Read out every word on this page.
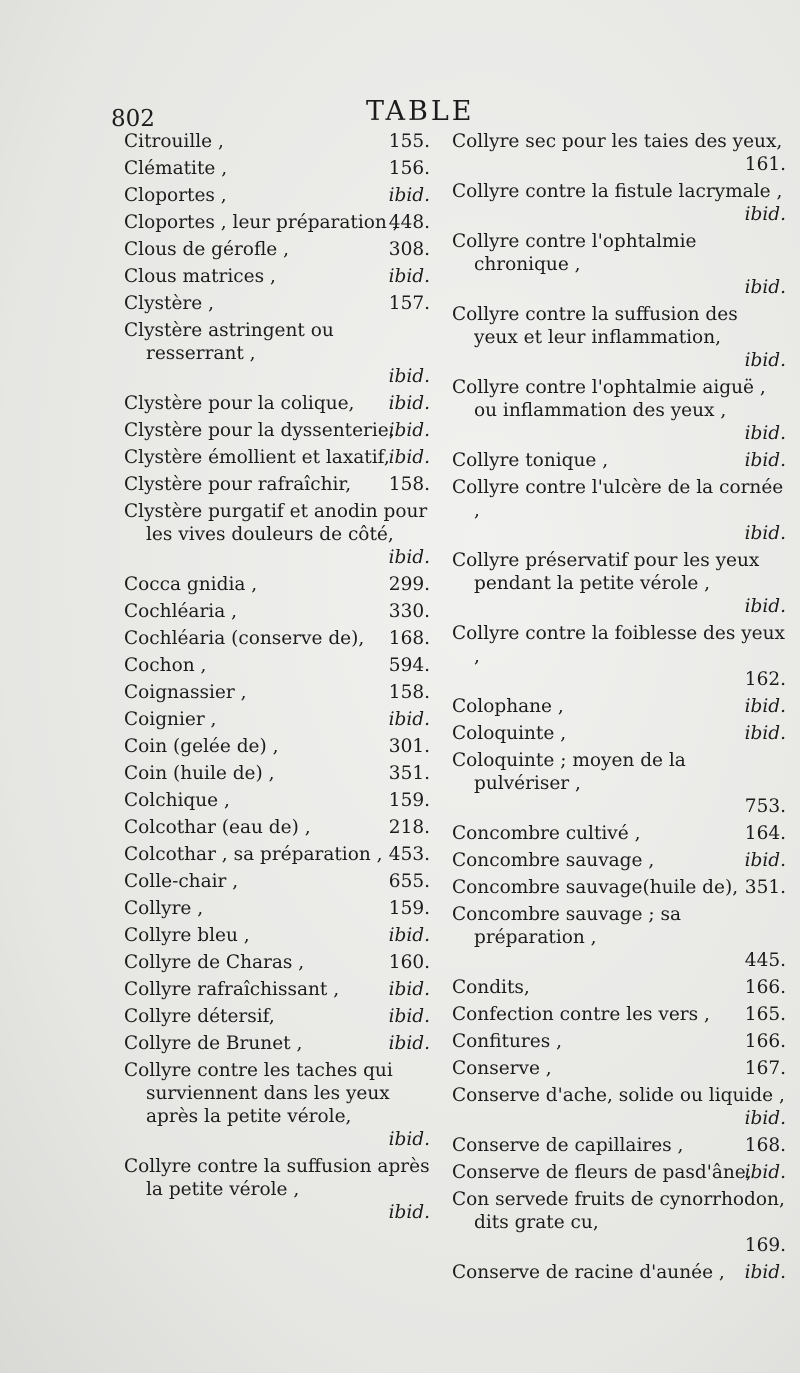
802	TABLE
Citrouille ,	155.
Clématite ,	156.
Cloportes ,	ibid.
Cloportes , leur préparation ,
448.
Clous de gérofle ,	308.
Clous matrices ,	ibid.
Clystère ,	157.
Clystère astringent ou resserrant ,
ibid.
Clystère pour la colique, ibid.
Clystère pour la dyssenterie,
ibid.
Clystère émollient et laxatif,
ibid.
Clystère pour rafraîchir, 158.
Clystère purgatif et anodin pour les vives douleurs de côté,
ibid.
Cocca gnidia ,	299.
Cochléaria ,	330.
Cochléaria (conserve de), 168.
Cochon ,	594.
Coignassier ,	158.
Coignier ,	ibid.
Coin (gelée de) ,	301.
Coin (huile de) ,	351.
Colchique ,	159.
Colcothar (eau de) ,	218.
Colcothar , sa préparation , 453.
Colle-chair ,	655.
Collyre ,	159.
Collyre bleu ,	ibid.
Collyre de Charas ,	160.
Collyre rafraîchissant ,	ibid.
Collyre détersif,	ibid.
Collyre de Brunet ,	ibid.
Collyre contre les taches qui surviennent dans les yeux après la petite vérole,
ibid.
Collyre contre la suffusion après la petite vérole ,
ibid.
Collyre sec pour les taies des yeux,
161.
Collyre contre la fistule lacrymale ,
ibid.
Collyre contre l'ophtalmie chronique ,
ibid.
Collyre contre la suffusion des yeux et leur inflammation,
ibid.
Collyre contre l'ophtalmie aiguë , ou inflammation des yeux ,
ibid.
Collyre tonique ,	ibid.
Collyre contre l'ulcère de la cornée ,
ibid.
Collyre préservatif pour les yeux pendant la petite vérole ,
ibid.
Collyre contre la foiblesse des yeux ,
162.
Colophane ,	ibid.
Coloquinte ,	ibid.
Coloquinte ; moyen de la pulvériser ,
753.
Concombre cultivé ,	164.
Concombre sauvage ,	ibid.
Concombre sauvage(huile de), 351.
Concombre sauvage ; sa préparation ,
445.
Condits,	166.
Confection contre les vers , 165.
Confitures ,	166.
Conserve ,	167.
Conserve d'ache, solide ou liquide ,
ibid.
Conserve de capillaires ,	168.
Conserve de fleurs de pasd'âne,
ibid.
Con servede fruits de cynorrhodon, dits grate cu,
169.
Conserve de racine d'aunée , ibid.
